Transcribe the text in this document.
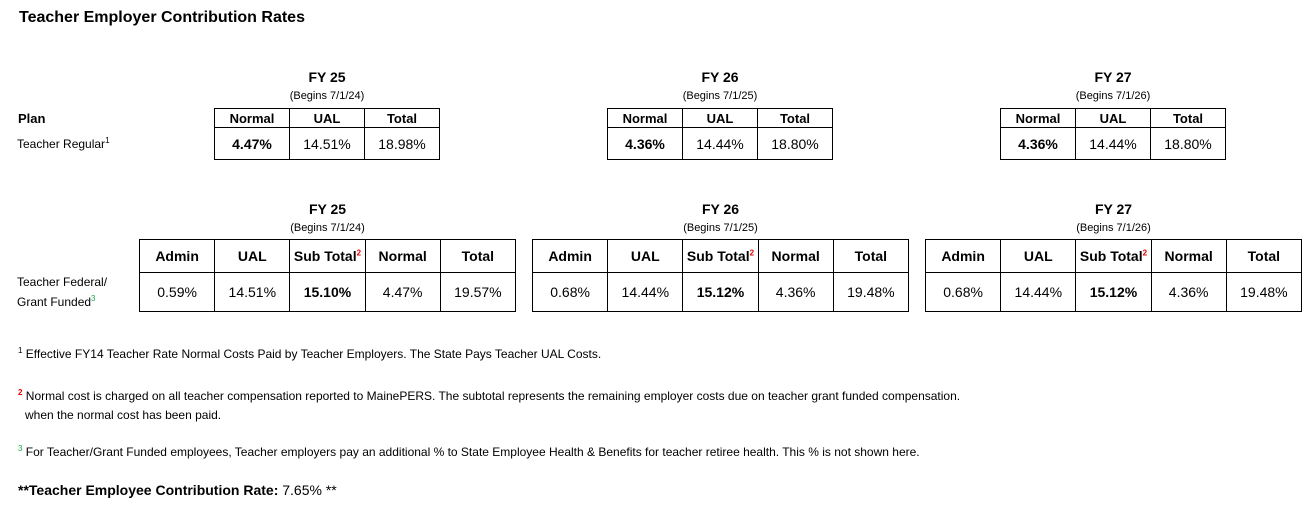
Teacher Employer Contribution Rates
Plan
Teacher Regular$^1$
FY 25
(Begins 7/1/24)
Normal	UAL	Total
4.47%	14.51%	18.98%
FY 26
(Begins 7/1/25)
Normal	UAL	Total
4.36%	14.44%	18.80%
FY 27
(Begins 7/1/26)
Normal	UAL	Total
4.36%	14.44%	18.80%
Teacher Federal/
Grant Funded$^3$
FY 25
(Begins 7/1/24)
Admin	UAL	Sub Total$^2$	Normal	Total
0.59%	14.51%	15.10%	4.47%	19.57%
FY 26
(Begins 7/1/25)
Admin	UAL	Sub Total$^2$	Normal	Total
0.68%	14.44%	15.12%	4.36%	19.48%
FY 27
(Begins 7/1/26)
Admin	UAL	Sub Total$^2$	Normal	Total
0.68%	14.44%	15.12%	4.36%	19.48%
$^1$ Effective FY14 Teacher Rate Normal Costs Paid by Teacher Employers. The State Pays Teacher UAL Costs.
$^2$ Normal cost is charged on all teacher compensation reported to MainePERS. The subtotal represents the remaining employer costs due on teacher grant funded compensation.
when the normal cost has been paid.
$^3$ For Teacher/Grant Funded employees, Teacher employers pay an additional % to State Employee Health & Benefits for teacher retiree health. This % is not shown here.
**Teacher Employee Contribution Rate: 7.65% **
